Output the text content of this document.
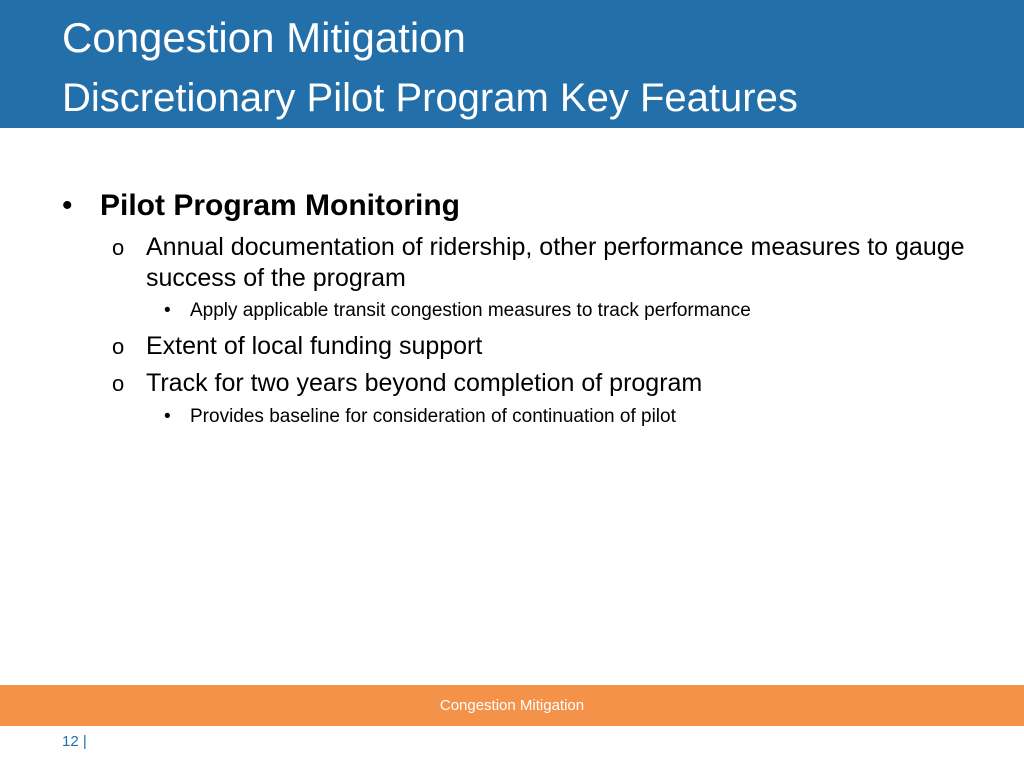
Congestion Mitigation
Discretionary Pilot Program Key Features
• Pilot Program Monitoring
o Annual documentation of ridership, other performance measures to gauge success of the program
• Apply applicable transit congestion measures to track performance
o Extent of local funding support
o Track for two years beyond completion of program
• Provides baseline for consideration of continuation of pilot
Congestion Mitigation
12 |
